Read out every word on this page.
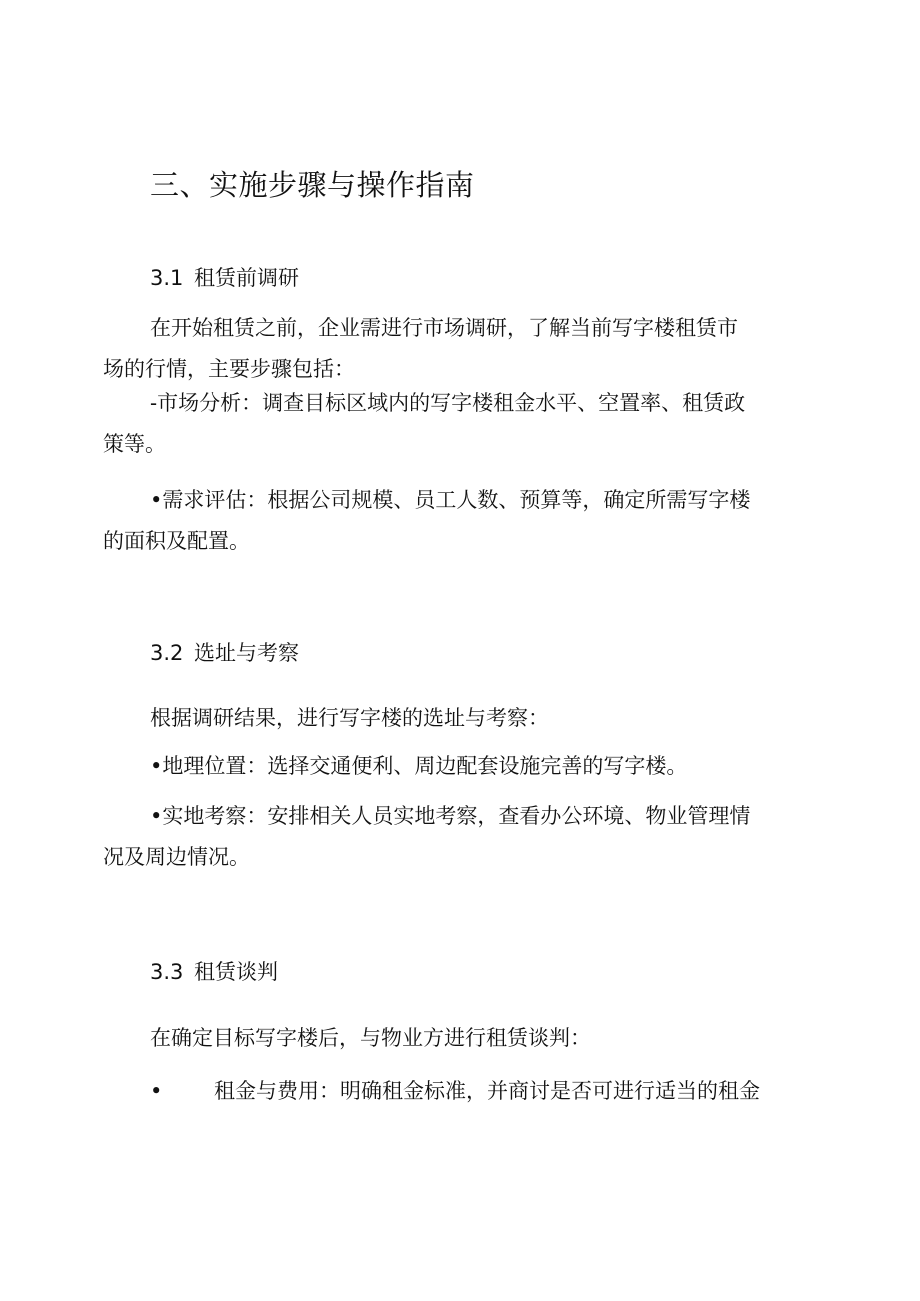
三、实施步骤与操作指南
3.1 租赁前调研
在开始租赁之前，企业需进行市场调研，了解当前写字楼租赁市
场的行情，主要步骤包括：
-市场分析：调查目标区域内的写字楼租金水平、空置率、租赁政
策等。
•需求评估：根据公司规模、员工人数、预算等，确定所需写字楼
的面积及配置。
3.2 选址与考察
根据调研结果，进行写字楼的选址与考察：
•地理位置：选择交通便利、周边配套设施完善的写字楼。
•实地考察：安排相关人员实地考察，查看办公环境、物业管理情
况及周边情况。
3.3 租赁谈判
在确定目标写字楼后，与物业方进行租赁谈判：
• 租金与费用：明确租金标准，并商讨是否可进行适当的租金
